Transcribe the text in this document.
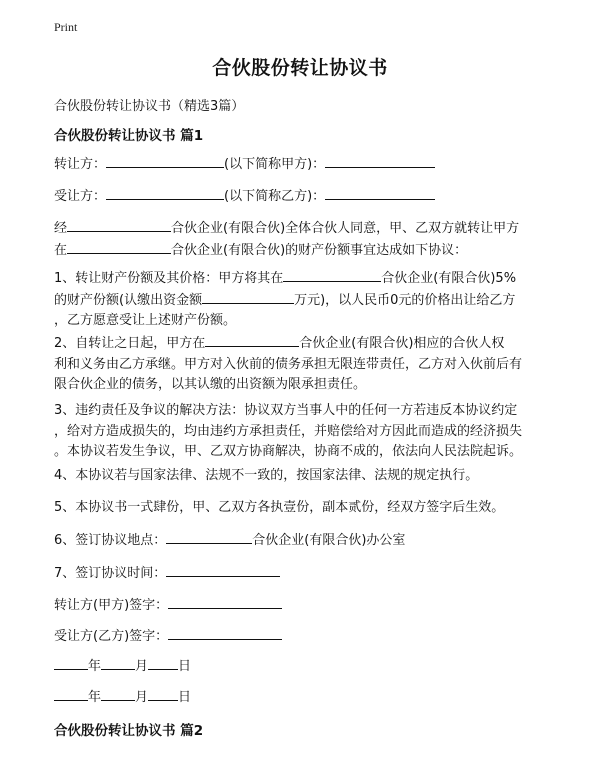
Print
合伙股份转让协议书
合伙股份转让协议书（精选3篇）
合伙股份转让协议书 篇1
转让方：	(以下简称甲方)：
受让方：	(以下简称乙方)：
经	合伙企业(有限合伙)全体合伙人同意，甲、乙双方就转让甲方
在	合伙企业(有限合伙)的财产份额事宜达成如下协议：
1、转让财产份额及其价格：甲方将其在	合伙企业(有限合伙)5%
的财产份额(认缴出资金额	万元)，以人民币0元的价格出让给乙方
，乙方愿意受让上述财产份额。
2、自转让之日起，甲方在	合伙企业(有限合伙)相应的合伙人权
利和义务由乙方承继。甲方对入伙前的债务承担无限连带责任，乙方对入伙前后有
限合伙企业的债务，以其认缴的出资额为限承担责任。
3、违约责任及争议的解决方法：协议双方当事人中的任何一方若违反本协议约定
，给对方造成损失的，均由违约方承担责任，并赔偿给对方因此而造成的经济损失
。本协议若发生争议，甲、乙双方协商解决，协商不成的，依法向人民法院起诉。
4、本协议若与国家法律、法规不一致的，按国家法律、法规的规定执行。
5、本协议书一式肆份，甲、乙双方各执壹份，副本贰份，经双方签字后生效。
6、签订协议地点：	合伙企业(有限合伙)办公室
7、签订协议时间：
转让方(甲方)签字：
受让方(乙方)签字：
年	月 日
年	月 日
合伙股份转让协议书 篇2
